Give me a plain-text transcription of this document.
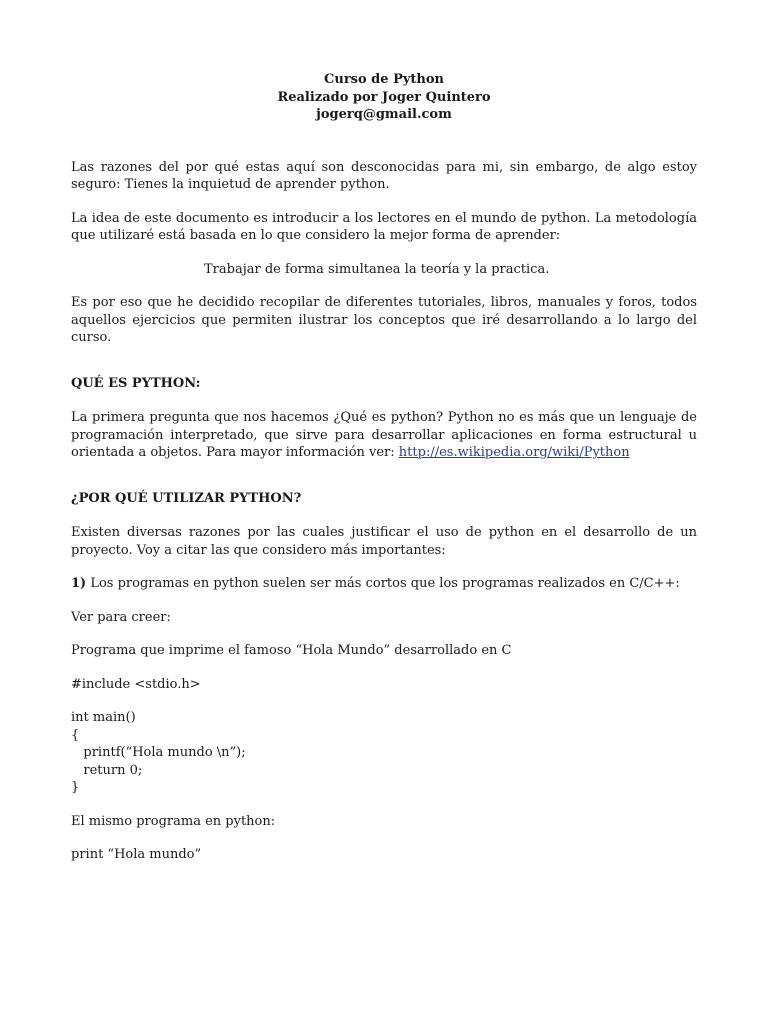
Curso de Python
Realizado por Joger Quintero
jogerq@gmail.com

Las razones del por qué estas aquí son desconocidas para mi, sin embargo, de algo estoy seguro: Tienes la inquietud de aprender python.

La idea de este documento es introducir a los lectores en el mundo de python. La metodología que utilizaré está basada en lo que considero la mejor forma de aprender:

Trabajar de forma simultanea la teoría y la practica.

Es por eso que he decidido recopilar de diferentes tutoriales, libros, manuales y foros, todos aquellos ejercicios que permiten ilustrar los conceptos que iré desarrollando a lo largo del curso.

QUÉ ES PYTHON:

La primera pregunta que nos hacemos ¿Qué es python? Python no es más que un lenguaje de programación interpretado, que sirve para desarrollar aplicaciones en forma estructural u orientada a objetos. Para mayor información ver: http://es.wikipedia.org/wiki/Python

¿POR QUÉ UTILIZAR PYTHON?

Existen diversas razones por las cuales justificar el uso de python en el desarrollo de un proyecto. Voy a citar las que considero más importantes:

1) Los programas en python suelen ser más cortos que los programas realizados en C/C++:

Ver para creer:

Programa que imprime el famoso “Hola Mundo” desarrollado en C

#include <stdio.h>
int main()
{
printf(“Hola mundo \n”);
return 0;
}

El mismo programa en python:

print “Hola mundo”
